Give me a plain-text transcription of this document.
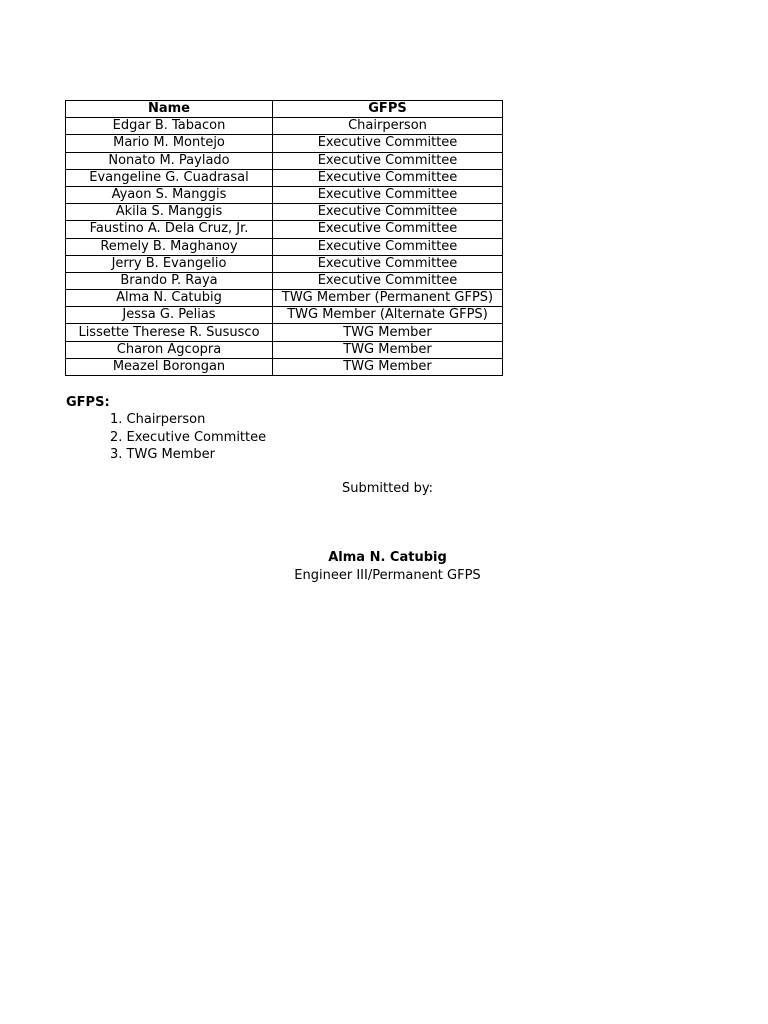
Name	GFPS
Edgar B. Tabacon	Chairperson
Mario M. Montejo	Executive Committee
Nonato M. Paylado	Executive Committee
Evangeline G. Cuadrasal	Executive Committee
Ayaon S. Manggis	Executive Committee
Akila S. Manggis	Executive Committee
Faustino A. Dela Cruz, Jr.	Executive Committee
Remely B. Maghanoy	Executive Committee
Jerry B. Evangelio	Executive Committee
Brando P. Raya	Executive Committee
Alma N. Catubig	TWG Member (Permanent GFPS)
Jessa G. Pelias	TWG Member (Alternate GFPS)
Lissette Therese R. Sususco	TWG Member
Charon Agcopra	TWG Member
Meazel Borongan	TWG Member

GFPS:

1. Chairperson
2. Executive Committee
3. TWG Member
Submitted by:
Alma N. Catubig
Engineer III/Permanent GFPS
